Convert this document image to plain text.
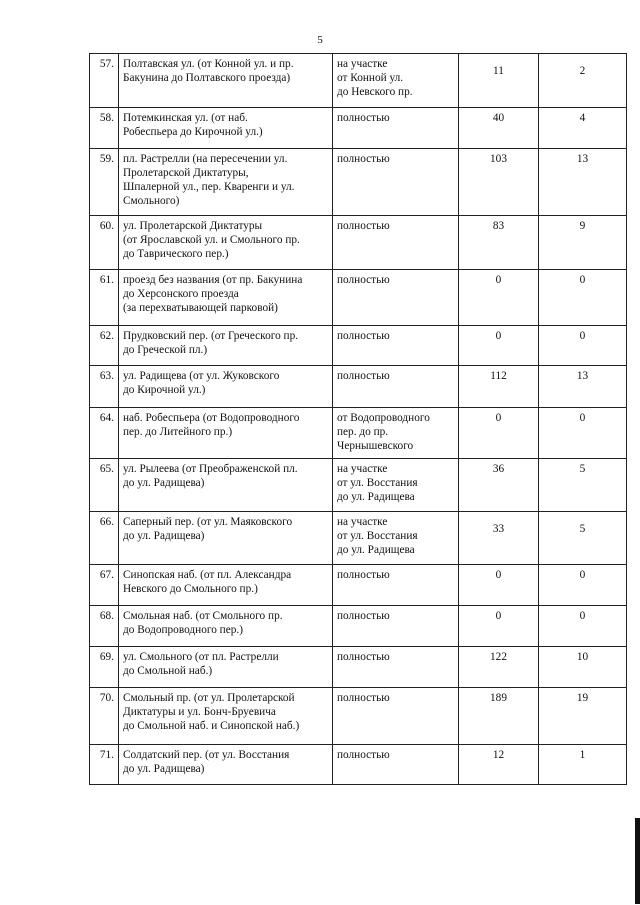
5
57.	Полтавская ул. (от Конной ул. и пр.
Бакунина до Полтавского проезда)	на участке
от Конной ул.
до Невского пр.	11	2
58.	Потемкинская ул. (от наб.
Робеспьера до Кирочной ул.)	полностью	40	4
59.	пл. Растрелли (на пересечении ул.
Пролетарской Диктатуры,
Шпалерной ул., пер. Кваренги и ул.
Смольного)	полностью	103	13
60.	ул. Пролетарской Диктатуры
(от Ярославской ул. и Смольного пр.
до Таврического пер.)	полностью	83	9
61.	проезд без названия (от пр. Бакунина
до Херсонского проезда
(за перехватывающей парковой)	полностью	0	0
62.	Прудковский пер. (от Греческого пр.
до Греческой пл.)	полностью	0	0
63.	ул. Радищева (от ул. Жуковского
до Кирочной ул.)	полностью	112	13
64.	наб. Робеспьера (от Водопроводного
пер. до Литейного пр.)	от Водопроводного
пер. до пр.
Чернышевского	0	0
65.	ул. Рылеева (от Преображенской пл.
до ул. Радищева)	на участке
от ул. Восстания
до ул. Радищева	36	5
66.	Саперный пер. (от ул. Маяковского
до ул. Радищева)	на участке
от ул. Восстания
до ул. Радищева	33	5
67.	Синопская наб. (от пл. Александра
Невского до Смольного пр.)	полностью	0	0
68.	Смольная наб. (от Смольного пр.
до Водопроводного пер.)	полностью	0	0
69.	ул. Смольного (от пл. Растрелли
до Смольной наб.)	полностью	122	10
70.	Смольный пр. (от ул. Пролетарской
Диктатуры и ул. Бонч-Бруевича
до Смольной наб. и Синопской наб.)	полностью	189	19
71.	Солдатский пер. (от ул. Восстания
до ул. Радищева)	полностью	12	1
